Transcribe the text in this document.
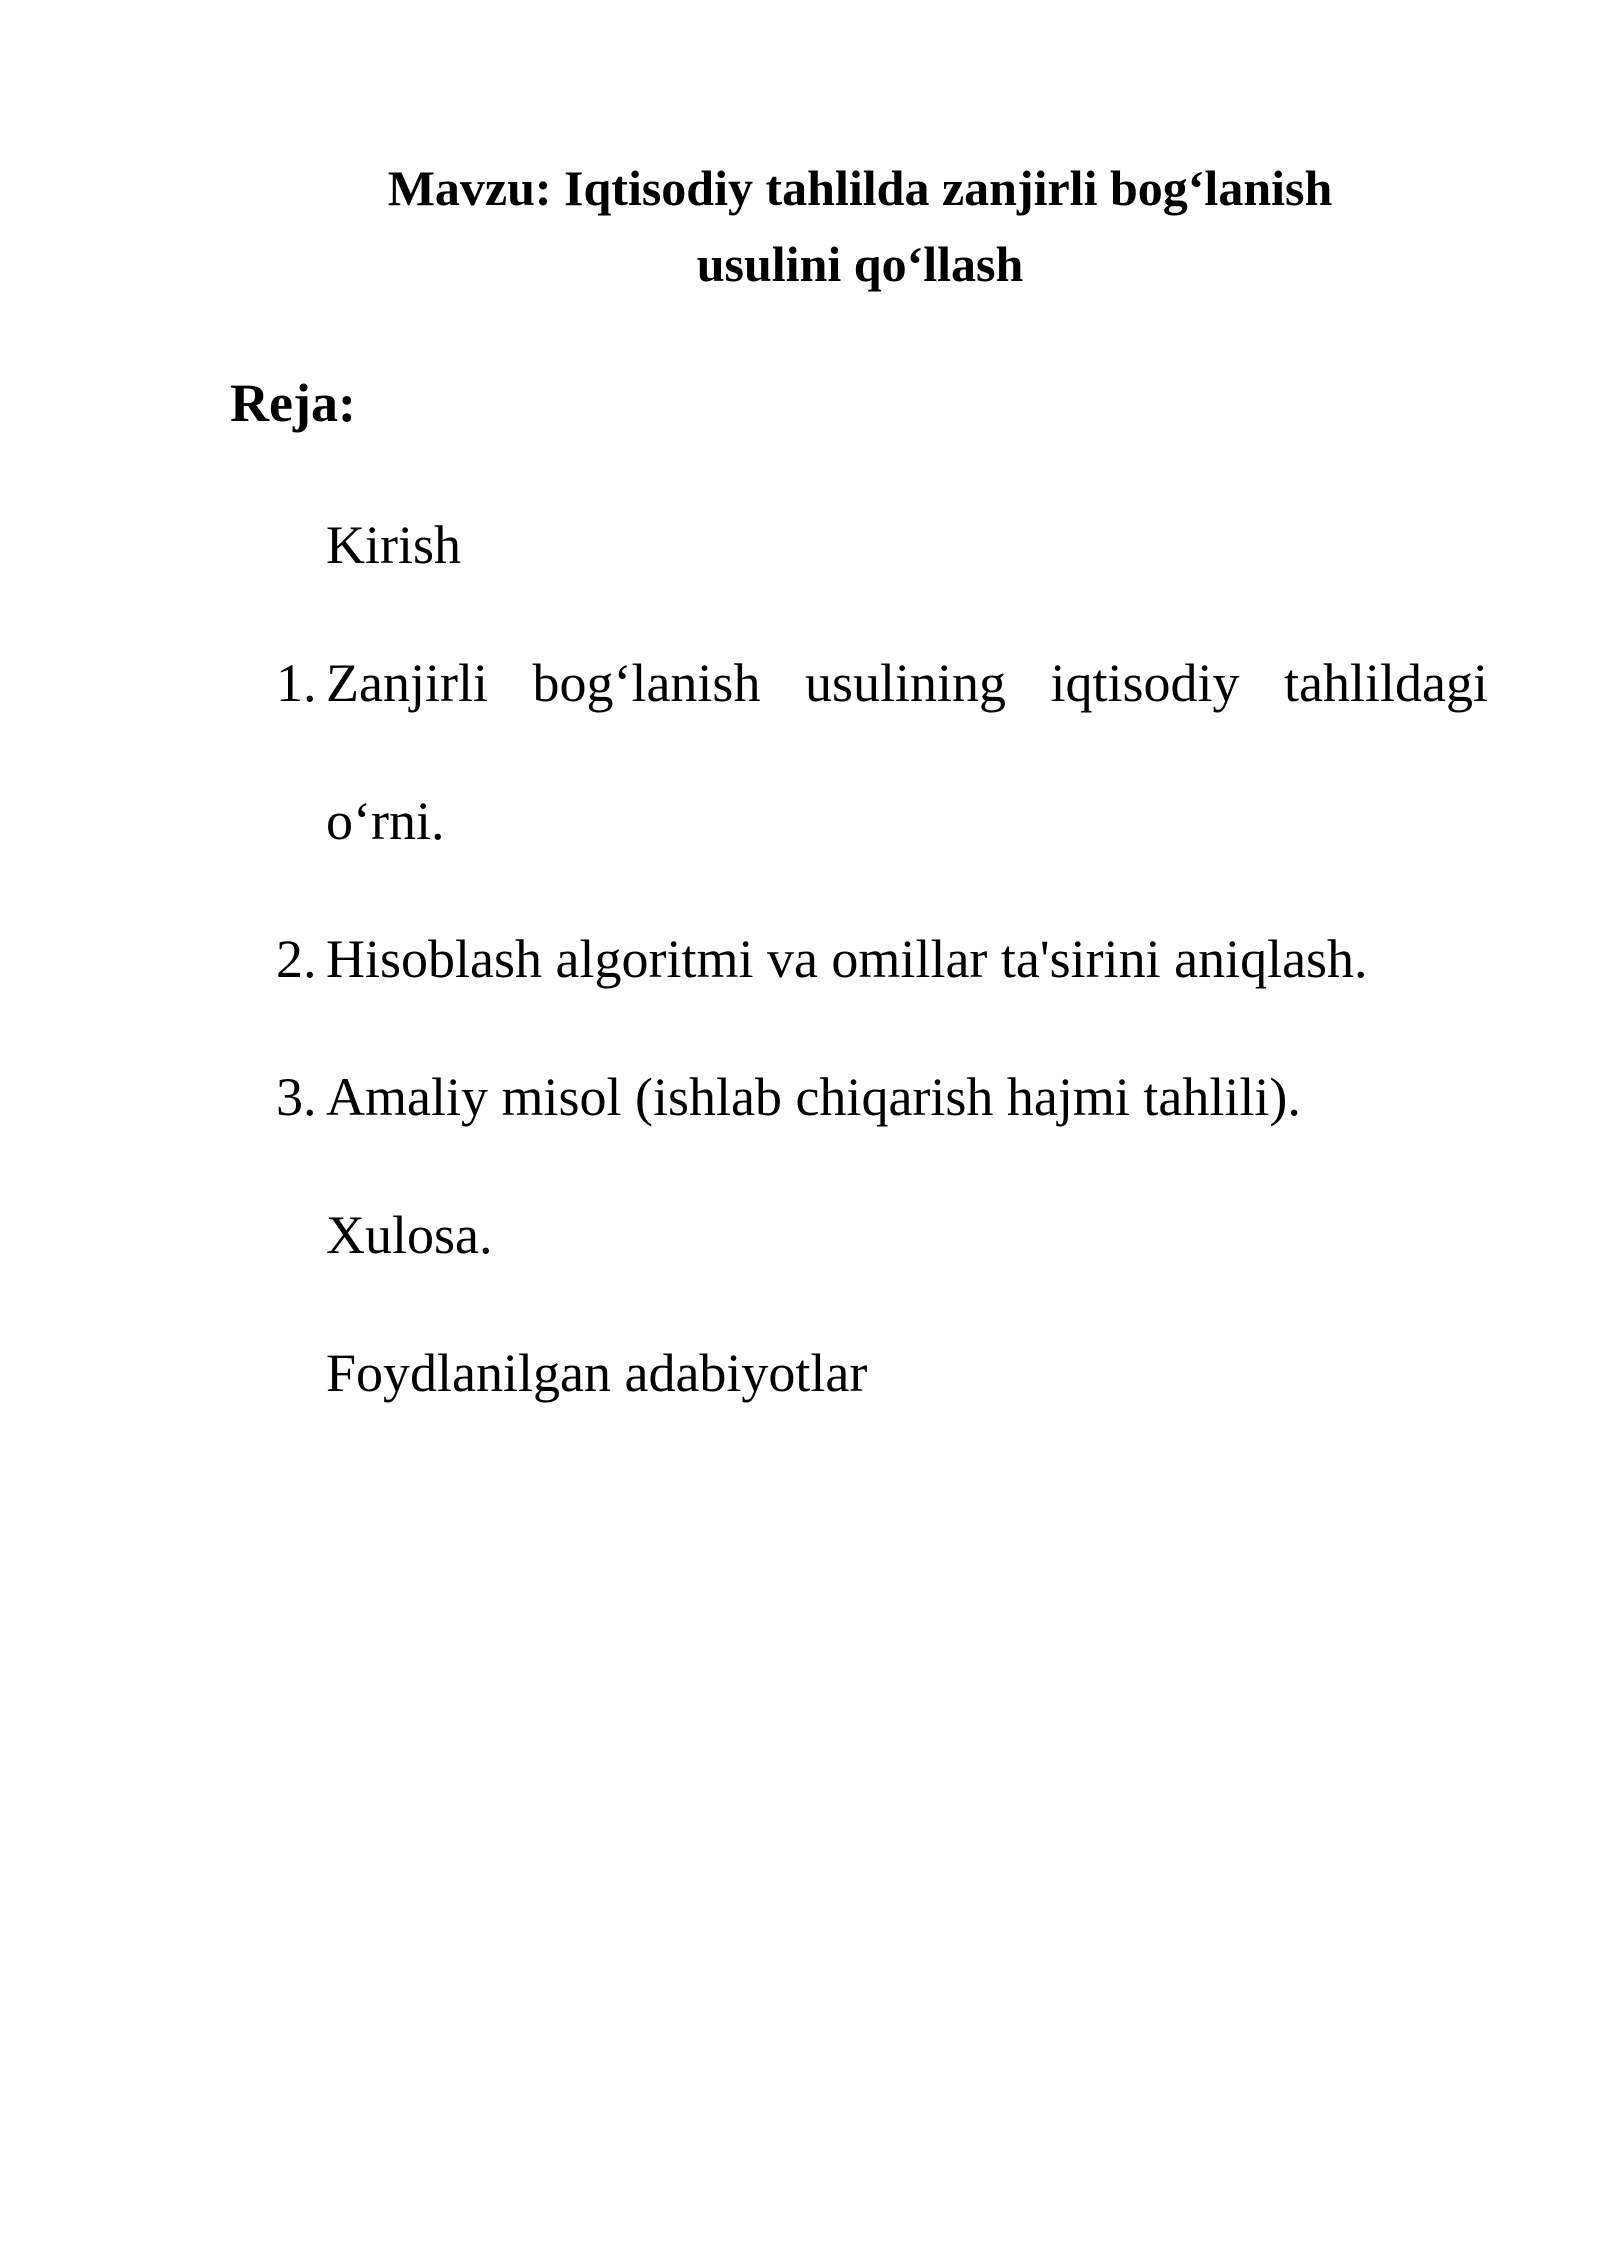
Mavzu: Iqtisodiy tahlilda zanjirli bog‘lanish
usulini qo‘llash
Reja:
Kirish
1. Zanjirli bog‘lanish usulining iqtisodiy tahlildagi
o‘rni.
2. Hisoblash algoritmi va omillar ta'sirini aniqlash.
3. Amaliy misol (ishlab chiqarish hajmi tahlili).
Xulosa.
Foydlanilgan adabiyotlar
